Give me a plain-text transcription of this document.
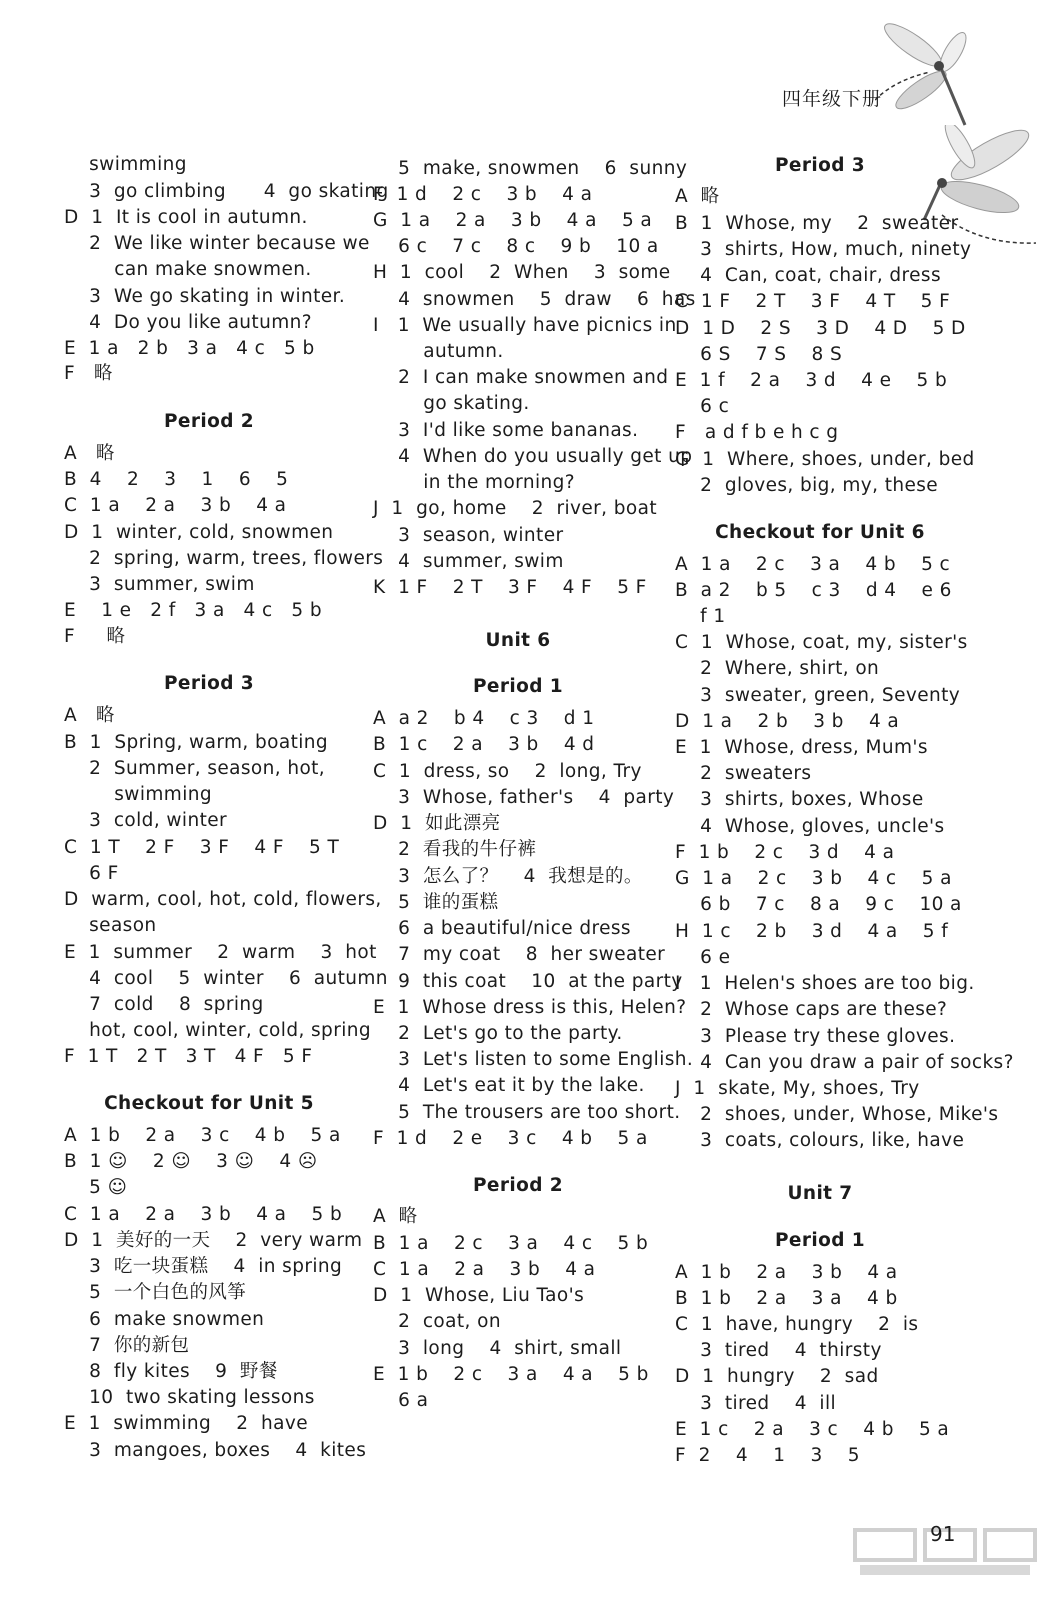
四年级下册
swimming
3  go climbing      4  go skating
D  1  It is cool in autumn.
2  We like winter because we
can make snowmen.
3  We go skating in winter.
4  Do you like autumn?
E  1 a   2 b   3 a   4 c   5 b
F   略
Period 2
A   略
B  4    2    3    1    6    5
C  1 a    2 a    3 b    4 a
D  1  winter, cold, snowmen
2  spring, warm, trees, flowers
3  summer, swim
E    1 e   2 f   3 a   4 c   5 b
F     略
Period 3
A   略
B  1  Spring, warm, boating
2  Summer, season, hot,
swimming
3  cold, winter
C  1 T    2 F    3 F    4 F    5 T
6 F
D  warm, cool, hot, cold, flowers,
season
E  1  summer    2  warm    3  hot
4  cool    5  winter    6  autumn
7  cold    8  spring
hot, cool, winter, cold, spring
F  1 T   2 T   3 T   4 F   5 F
Checkout for Unit 5
A  1 b    2 a    3 c    4 b    5 a
B  1 ☺    2 ☺    3 ☺    4 ☹
5 ☺
C  1 a    2 a    3 b    4 a    5 b
D  1  美好的一天    2  very warm
3  吃一块蛋糕    4  in spring
5  一个白色的风筝
6  make snowmen
7  你的新包
8  fly kites    9  野餐
10  two skating lessons
E  1  swimming    2  have
3  mangoes, boxes    4  kites
5  make, snowmen    6  sunny
F  1 d    2 c    3 b    4 a
G  1 a    2 a    3 b    4 a    5 a
6 c    7 c    8 c    9 b    10 a
H  1  cool    2  When    3  some
4  snowmen    5  draw    6  has
I   1  We usually have picnics in
autumn.
2  I can make snowmen and
go skating.
3  I'd like some bananas.
4  When do you usually get up
in the morning?
J  1  go, home    2  river, boat
3  season, winter
4  summer, swim
K  1 F    2 T    3 F    4 F    5 F
Unit 6
Period 1
A  a 2    b 4    c 3    d 1
B  1 c    2 a    3 b    4 d
C  1  dress, so    2  long, Try
3  Whose, father's    4  party
D  1  如此漂亮
2  看我的牛仔裤
3  怎么了？    4  我想是的。
5  谁的蛋糕
6  a beautiful/nice dress
7  my coat    8  her sweater
9  this coat    10  at the party
E  1  Whose dress is this, Helen?
2  Let's go to the party.
3  Let's listen to some English.
4  Let's eat it by the lake.
5  The trousers are too short.
F  1 d    2 e    3 c    4 b    5 a
Period 2
A  略
B  1 a    2 c    3 a    4 c    5 b
C  1 a    2 a    3 b    4 a
D  1  Whose, Liu Tao's
2  coat, on
3  long    4  shirt, small
E  1 b    2 c    3 a    4 a    5 b
6 a
Period 3
A  略
B  1  Whose, my    2  sweater
3  shirts, How, much, ninety
4  Can, coat, chair, dress
C  1 F    2 T    3 F    4 T    5 F
D  1 D    2 S    3 D    4 D    5 D
6 S    7 S    8 S
E  1 f    2 a    3 d    4 e    5 b
6 c
F   a d f b e h c g
G  1  Where, shoes, under, bed
2  gloves, big, my, these
Checkout for Unit 6
A  1 a    2 c    3 a    4 b    5 c
B  a 2    b 5    c 3    d 4    e 6
f 1
C  1  Whose, coat, my, sister's
2  Where, shirt, on
3  sweater, green, Seventy
D  1 a    2 b    3 b    4 a
E  1  Whose, dress, Mum's
2  sweaters
3  shirts, boxes, Whose
4  Whose, gloves, uncle's
F  1 b    2 c    3 d    4 a
G  1 a    2 c    3 b    4 c    5 a
6 b    7 c    8 a    9 c    10 a
H  1 c    2 b    3 d    4 a    5 f
6 e
I   1  Helen's shoes are too big.
2  Whose caps are these?
3  Please try these gloves.
4  Can you draw a pair of socks?
J  1  skate, My, shoes, Try
2  shoes, under, Whose, Mike's
3  coats, colours, like, have
Unit 7
Period 1
A  1 b    2 a    3 b    4 a
B  1 b    2 a    3 a    4 b
C  1  have, hungry    2  is
3  tired    4  thirsty
D  1  hungry    2  sad
3  tired    4  ill
E  1 c    2 a    3 c    4 b    5 a
F  2    4    1    3    5
91
